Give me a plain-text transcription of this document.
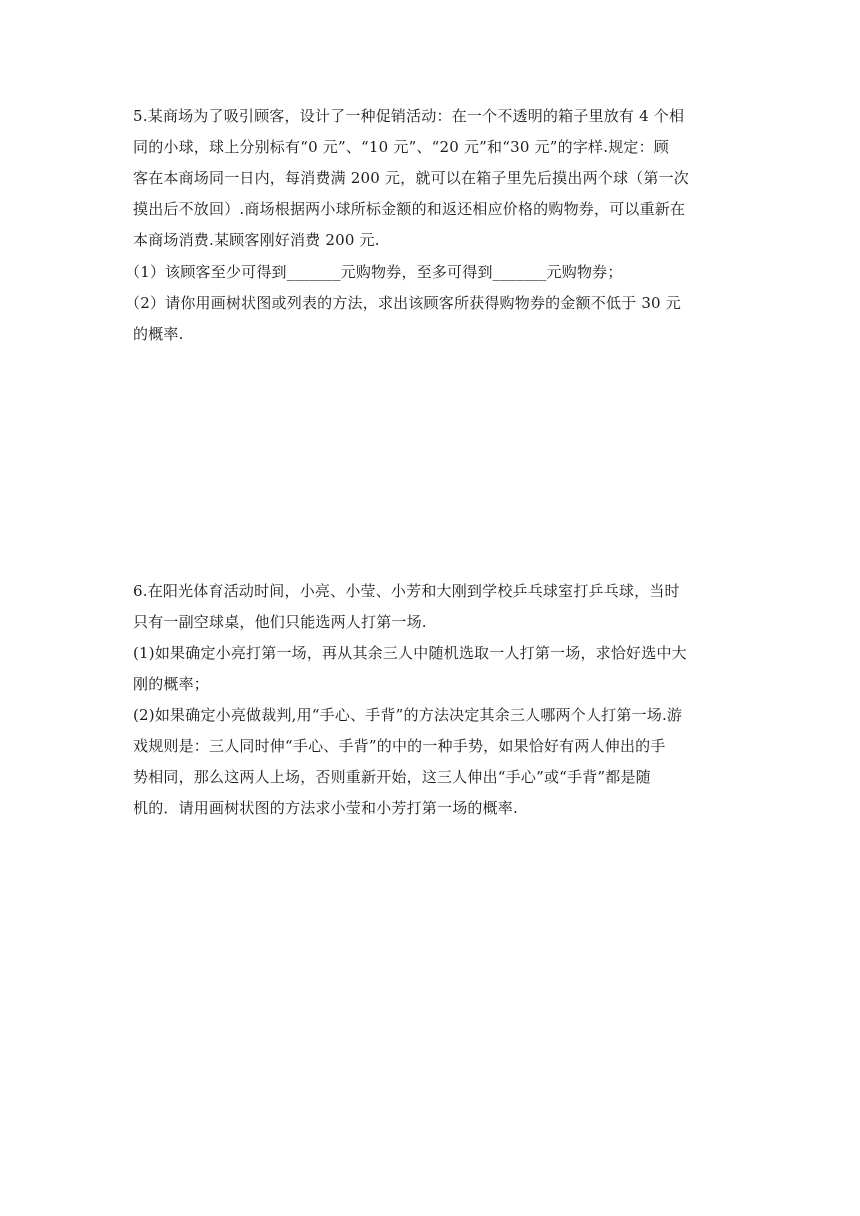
5.某商场为了吸引顾客，设计了一种促销活动：在一个不透明的箱子里放有 4 个相
同的小球，球上分别标有“0 元”、“10 元”、“20 元”和“30 元”的字样.规定：顾
客在本商场同一日内，每消费满 200 元，就可以在箱子里先后摸出两个球（第一次
摸出后不放回）.商场根据两小球所标金额的和返还相应价格的购物券，可以重新在
本商场消费.某顾客刚好消费 200 元.
（1）该顾客至少可得到_______元购物券，至多可得到_______元购物券；
（2）请你用画树状图或列表的方法，求出该顾客所获得购物券的金额不低于 30 元
的概率.
6.在阳光体育活动时间，小亮、小莹、小芳和大刚到学校乒乓球室打乒乓球，当时
只有一副空球桌，他们只能选两人打第一场.
(1)如果确定小亮打第一场，再从其余三人中随机选取一人打第一场，求恰好选中大
刚的概率；
(2)如果确定小亮做裁判,用“手心、手背”的方法决定其余三人哪两个人打第一场.游
戏规则是：三人同时伸“手心、手背”的中的一种手势，如果恰好有两人伸出的手
势相同，那么这两人上场，否则重新开始，这三人伸出“手心”或“手背”都是随
机的．请用画树状图的方法求小莹和小芳打第一场的概率.
